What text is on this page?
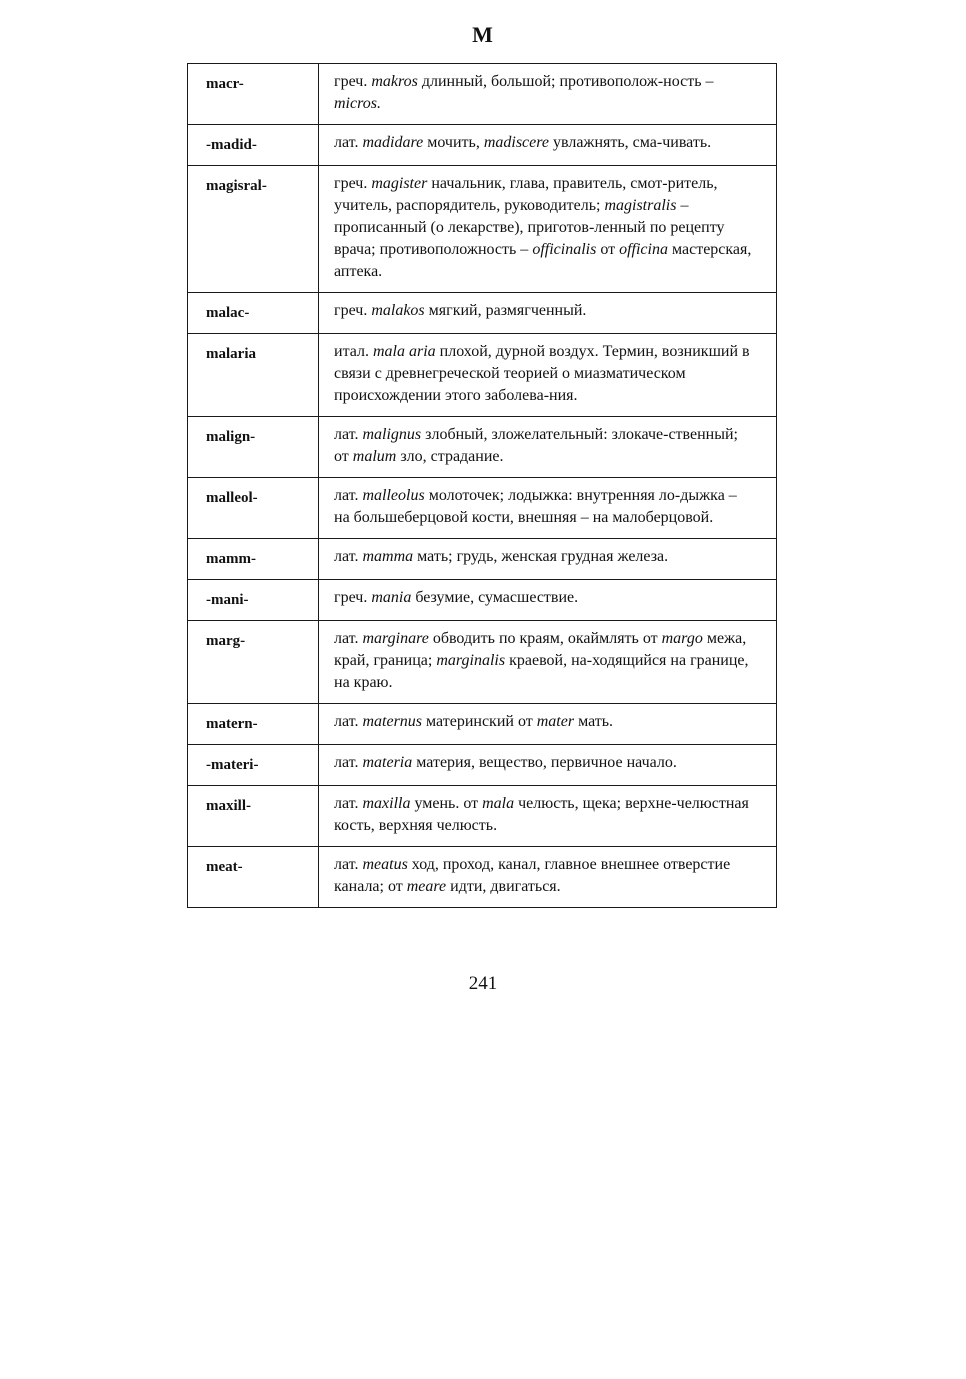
M
macr-	греч. makros длинный, большой; противополож-ность – micros.
-madid-	лат. madidare мочить, madiscere увлажнять, сма-чивать.
magisral-	греч. magister начальник, глава, правитель, смот-ритель, учитель, распорядитель, руководитель; magistralis – прописанный (о лекарстве), приготов-ленный по рецепту врача; противоположность – officinalis от officina мастерская, аптека.
malac-	греч. malakos мягкий, размягченный.
malaria	итал. mala aria плохой, дурной воздух. Термин, возникший в связи с древнегреческой теорией о миазматическом происхождении этого заболева-ния.
malign-	лат. malignus злобный, зложелательный: злокаче-ственный; от malum зло, страдание.
malleol-	лат. malleolus молоточек; лодыжка: внутренняя ло-дыжка – на большеберцовой кости, внешняя – на малоберцовой.
mamm-	лат. mamma мать; грудь, женская грудная железа.
-mani-	греч. mania безумие, сумасшествие.
marg-	лат. marginare обводить по краям, окаймлять от margo межа, край, граница; marginalis краевой, на-ходящийся на границе, на краю.
matern-	лат. maternus материнский от mater мать.
-materi-	лат. materia материя, вещество, первичное начало.
maxill-	лат. maxilla умень. от mala челюсть, щека; верхне-челюстная кость, верхняя челюсть.
meat-	лат. meatus ход, проход, канал, главное внешнее отверстие канала; от meare идти, двигаться.
241
